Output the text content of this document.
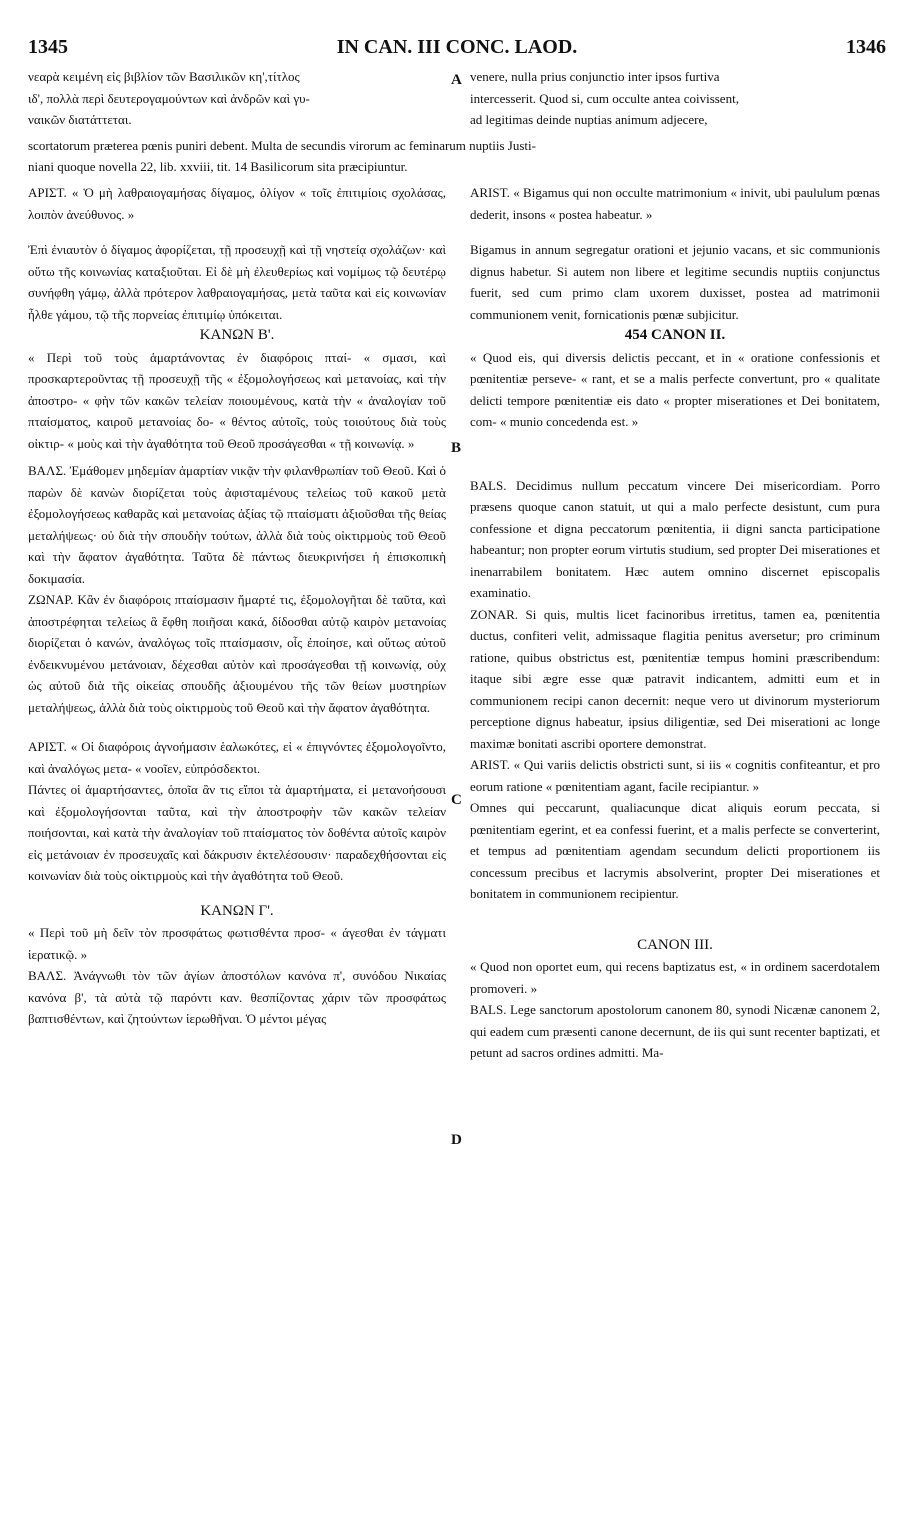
IN CAN. III CONC. LAOD.
1345	1346

νεαρὰ κειμένη εἰς βιβλίον τῶν Βασιλικῶν κη',τίτλος

ιδ', πολλὰ περὶ δευτερογαμούντων καὶ ἀνδρῶν καὶ γυ-

ναικῶν διατάττεται.

venere, nulla prius conjunctio inter ipsos furtiva

intercesserit. Quod si, cum occulte antea coivissent,

ad legitimas deinde nuptias animum adjecere,

scortatorum præterea pœnis puniri debent. Multa de secundis virorum ac feminarum nuptiis Justi-
niani quoque novella 22, lib. xxviii, tit. 14 Basilicorum sita præcipiuntur.
A
B
C
D

ΑΡΙΣΤ. « Ὁ μὴ λαθραιογαμήσας δίγαμος, ὀλίγον « τοῖς ἐπιτιμίοις σχολάσας, λοιπὸν ἀνεύθυνος. »

Ἐπὶ ἐνιαυτὸν ὁ δίγαμος ἀφορίζεται, τῇ προσευχῇ καὶ τῇ νηστείᾳ σχολάζων· καὶ οὕτω τῆς κοινωνίας καταξιοῦται. Εἰ δὲ μὴ ἐλευθερίως καὶ νομίμως τῷ δευτέρῳ συνήφθη γάμῳ, ἀλλὰ πρότερον λαθραιογαμήσας, μετὰ ταῦτα καὶ εἰς κοινωνίαν ἦλθε γάμου, τῷ τῆς πορνείας ἐπιτιμίῳ ὑπόκειται.

ΚΑΝΩΝ Β'.

« Περὶ τοῦ τοὺς ἁμαρτάνοντας ἐν διαφόροις πταί- « σμασι, καὶ προσκαρτεροῦντας τῇ προσευχῇ τῆς « ἐξομολογήσεως καὶ μετανοίας, καὶ τὴν ἀποστρο- « φὴν τῶν κακῶν τελείαν ποιουμένους, κατὰ τὴν « ἀναλογίαν τοῦ πταίσματος, καιροῦ μετανοίας δο- « θέντος αὐτοῖς, τοὺς τοιούτους διὰ τοὺς οἰκτιρ- « μοὺς καὶ τὴν ἀγαθότητα τοῦ Θεοῦ προσάγεσθαι « τῇ κοινωνίᾳ. »

ΒΑΛΣ. Ἐμάθομεν μηδεμίαν ἁμαρτίαν νικᾷν τὴν φιλανθρωπίαν τοῦ Θεοῦ. Καὶ ὁ παρὼν δὲ κανὼν διορίζεται τοὺς ἀφισταμένους τελείως τοῦ κακοῦ μετὰ ἐξομολογήσεως καθαρᾶς καὶ μετανοίας ἀξίας τῷ πταίσματι ἀξιοῦσθαι τῆς θείας μεταλήψεως· οὐ διὰ τὴν σπουδὴν τούτων, ἀλλὰ διὰ τοὺς οἰκτιρμοὺς τοῦ Θεοῦ καὶ τὴν ἄφατον ἀγαθότητα. Ταῦτα δὲ πάντως διευκρινήσει ἡ ἐπισκοπικὴ δοκιμασία.

ΖΩΝΑΡ. Κἂν ἐν διαφόροις πταίσμασιν ἥμαρτέ τις, ἐξομολογῆται δὲ ταῦτα, καὶ ἀποστρέφηται τελείως ἃ ἔφθη ποιῆσαι κακά, δίδοσθαι αὐτῷ καιρὸν μετανοίας διορίζεται ὁ κανών, ἀναλόγως τοῖς πταίσμασιν, οἷς ἐποίησε, καὶ οὕτως αὐτοῦ ἐνδεικνυμένου μετάνοιαν, δέχεσθαι αὐτὸν καὶ προσάγεσθαι τῇ κοινωνίᾳ, οὐχ ὡς αὐτοῦ διὰ τῆς οἰκείας σπουδῆς ἀξιουμένου τῆς τῶν θείων μυστηρίων μεταλήψεως, ἀλλὰ διὰ τοὺς οἰκτιρμοὺς τοῦ Θεοῦ καὶ τὴν ἄφατον ἀγαθότητα.

ΑΡΙΣΤ. « Οἱ διαφόροις ἀγνοήμασιν ἑαλωκότες, εἰ « ἐπιγνόντες ἐξομολογοῖντο, καὶ ἀναλόγως μετα- « νοοῖεν, εὐπρόσδεκτοι.

Πάντες οἱ ἁμαρτήσαντες, ὁποῖα ἂν τις εἴποι τὰ ἁμαρτήματα, εἰ μετανοήσουσι καὶ ἐξομολογήσονται ταῦτα, καὶ τὴν ἀποστροφὴν τῶν κακῶν τελείαν ποιήσονται, καὶ κατὰ τὴν ἀναλογίαν τοῦ πταίσματος τὸν δοθέντα αὐτοῖς καιρὸν εἰς μετάνοιαν ἐν προσευχαῖς καὶ δάκρυσιν ἐκτελέσουσιν· παραδεχθήσονται εἰς κοινωνίαν διὰ τοὺς οἰκτιρμοὺς καὶ τὴν ἀγαθότητα τοῦ Θεοῦ.

ΚΑΝΩΝ Γ'.

« Περὶ τοῦ μὴ δεῖν τὸν προσφάτως φωτισθέντα προσ- « άγεσθαι ἐν τάγματι ἱερατικῷ. »

ΒΑΛΣ. Ἀνάγνωθι τὸν τῶν ἁγίων ἀποστόλων κανόνα π', συνόδου Νικαίας κανόνα β', τὰ αὐτὰ τῷ παρόντι καν. θεσπίζοντας χάριν τῶν προσφάτως βαπτισθέντων, καὶ ζητούντων ἱερωθῆναι. Ὁ μέντοι μέγας

ARIST. « Bigamus qui non occulte matrimonium « inivit, ubi paululum pœnas dederit, insons « postea habeatur. »

Bigamus in annum segregatur orationi et jejunio vacans, et sic communionis dignus habetur. Si autem non libere et legitime secundis nuptiis conjunctus fuerit, sed cum primo clam uxorem duxisset, postea ad matrimonii communionem venit, fornicationis pœnæ subjicitur.

454 CANON II.

« Quod eis, qui diversis delictis peccant, et in « oratione confessionis et pœnitentiæ perseve- « rant, et se a malis perfecte convertunt, pro « qualitate delicti tempore pœnitentiæ eis dato « propter miserationes et Dei bonitatem, com- « munio concedenda est. »

BALS. Decidimus nullum peccatum vincere Dei misericordiam. Porro præsens quoque canon statuit, ut qui a malo perfecte desistunt, cum pura confessione et digna peccatorum pœnitentia, ii digni sancta participatione habeantur; non propter eorum virtutis studium, sed propter Dei miserationes et inenarrabilem bonitatem. Hæc autem omnino discernet episcopalis examinatio.

ZONAR. Si quis, multis licet facinoribus irretitus, tamen ea, pœnitentia ductus, confiteri velit, admissaque flagitia penitus aversetur; pro criminum ratione, quibus obstrictus est, pœnitentiæ tempus homini præscribendum: itaque sibi ægre esse quæ patravit indicantem, admitti eum et in communionem recipi canon decernit: neque vero ut divinorum mysteriorum perceptione dignus habeatur, ipsius diligentiæ, sed Dei miserationi ac longe maximæ bonitati ascribi oportere demonstrat.

ARIST. « Qui variis delictis obstricti sunt, si iis « cognitis confiteantur, et pro eorum ratione « pœnitentiam agant, facile recipiantur. »

Omnes qui peccarunt, qualiacunque dicat aliquis eorum peccata, si pœnitentiam egerint, et ea confessi fuerint, et a malis perfecte se converterint, et tempus ad pœnitentiam agendam secundum delicti proportionem iis concessum precibus et lacrymis absolverint, propter Dei miserationes et bonitatem in communionem recipientur.

CANON III.

« Quod non oportet eum, qui recens baptizatus est, « in ordinem sacerdotalem promoveri. »

BALS. Lege sanctorum apostolorum canonem 80, synodi Nicænæ canonem 2, qui eadem cum præsenti canone decernunt, de iis qui sunt recenter baptizati, et petunt ad sacros ordines admitti. Ma-
